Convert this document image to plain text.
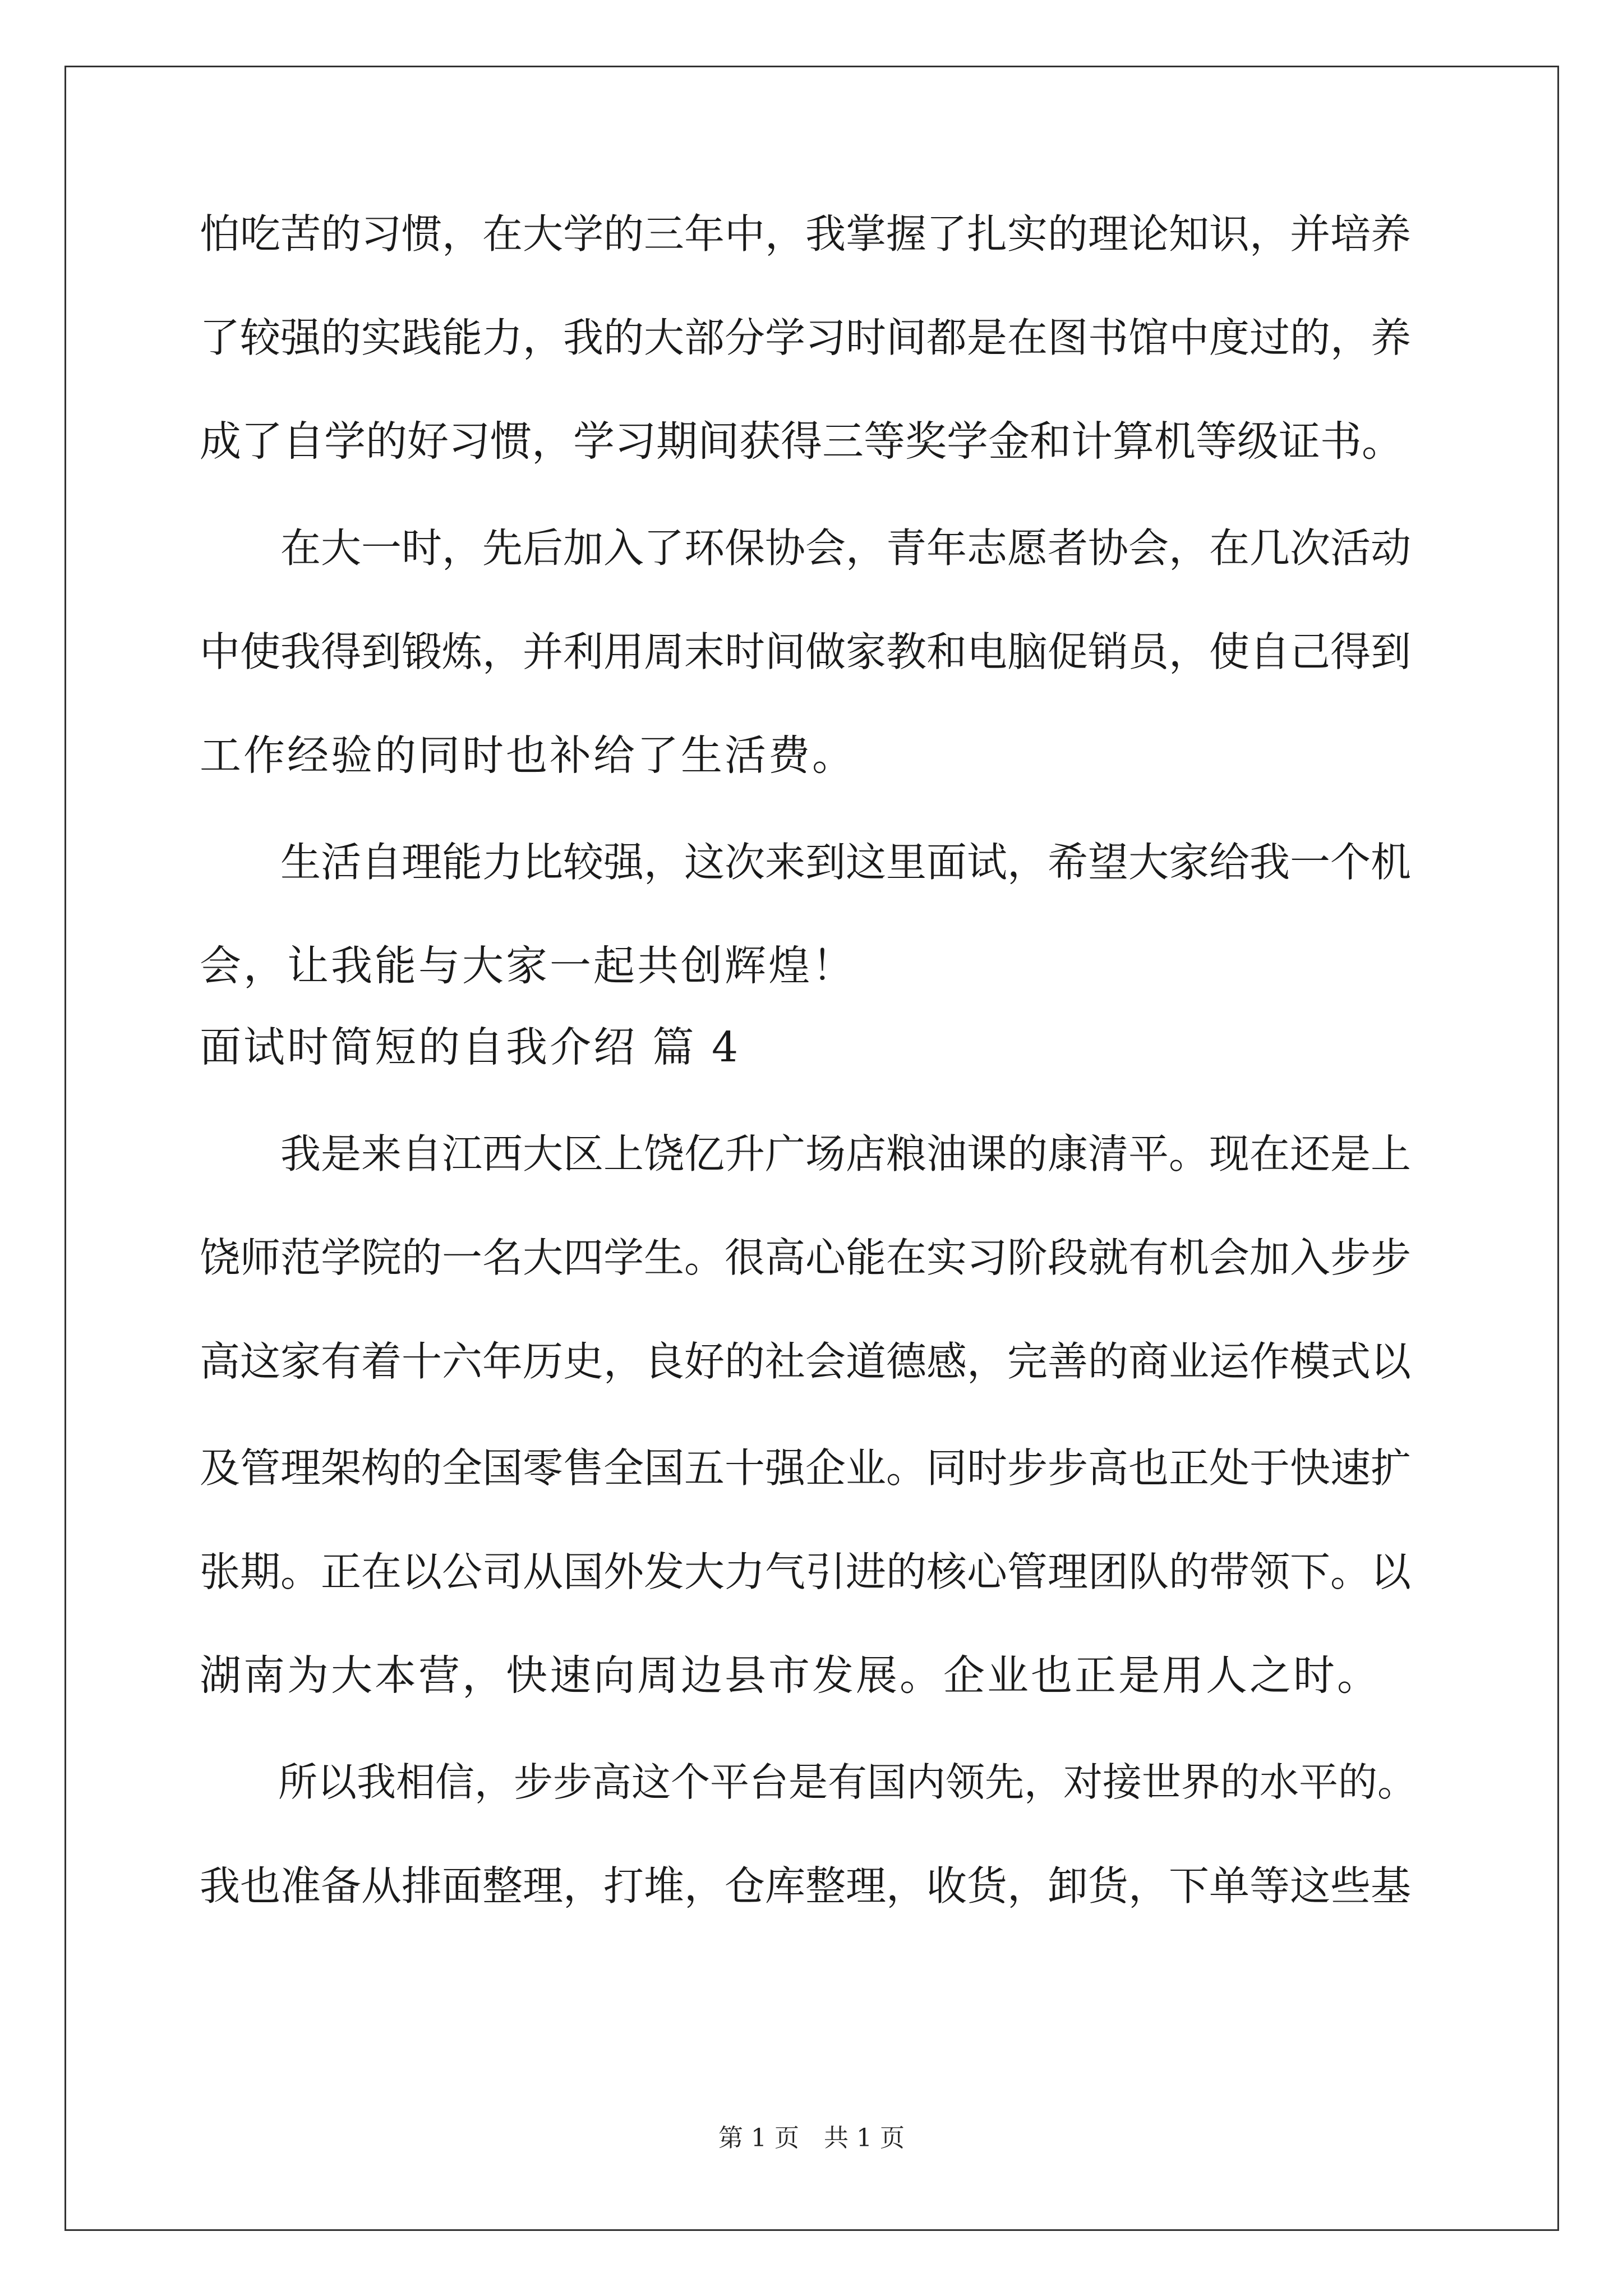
怕吃苦的习惯，在大学的三年中，我掌握了扎实的理论知识，并培养
了较强的实践能力，我的大部分学习时间都是在图书馆中度过的，养
成了自学的好习惯，学习期间获得三等奖学金和计算机等级证书。
　　在大一时，先后加入了环保协会，青年志愿者协会，在几次活动
中使我得到锻炼，并利用周末时间做家教和电脑促销员，使自己得到
工作经验的同时也补给了生活费。
　　生活自理能力比较强，这次来到这里面试，希望大家给我一个机
会，让我能与大家一起共创辉煌！
面试时简短的自我介绍 篇 4
　　我是来自江西大区上饶亿升广场店粮油课的康清平。现在还是上
饶师范学院的一名大四学生。很高心能在实习阶段就有机会加入步步
高这家有着十六年历史，良好的社会道德感，完善的商业运作模式以
及管理架构的全国零售全国五十强企业。同时步步高也正处于快速扩
张期。正在以公司从国外发大力气引进的核心管理团队的带领下。以
湖南为大本营，快速向周边县市发展。企业也正是用人之时。
　　所以我相信，步步高这个平台是有国内领先，对接世界的水平的。
我也准备从排面整理，打堆，仓库整理，收货，卸货，下单等这些基
第 1 页　共 1 页
